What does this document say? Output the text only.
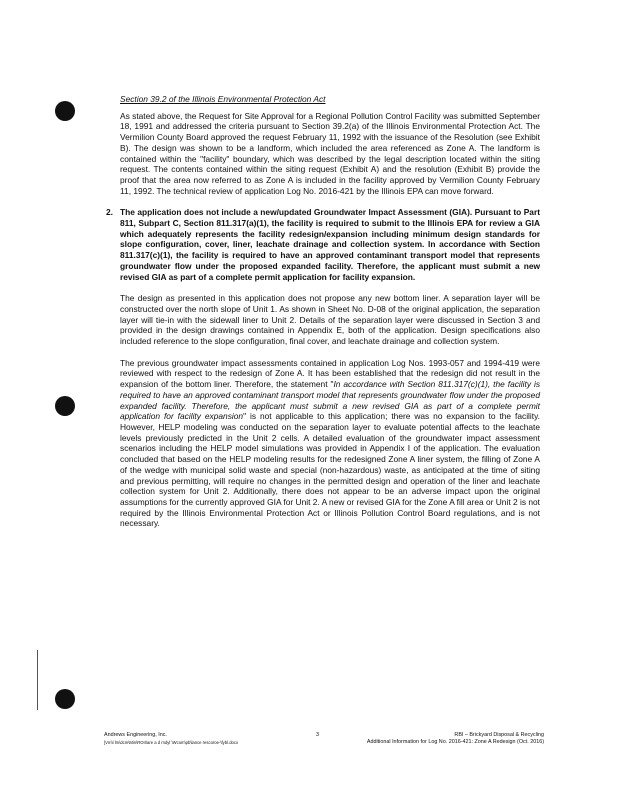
Section 39.2 of the Illinois Environmental Protection Act

As stated above, the Request for Site Approval for a Regional Pollution Control Facility was submitted September 18, 1991 and addressed the criteria pursuant to Section 39.2(a) of the Illinois Environmental Protection Act. The Vermilion County Board approved the request February 11, 1992 with the issuance of the Resolution (see Exhibit B). The design was shown to be a landform, which included the area referenced as Zone A. The landform is contained within the "facility" boundary, which was described by the legal description located within the siting request. The contents contained within the siting request (Exhibit A) and the resolution (Exhibit B) provide the proof that the area now referred to as Zone A is included in the facility approved by Vermilion County February 11, 1992. The technical review of application Log No. 2016-421 by the Illinois EPA can move forward.

2. The application does not include a new/updated Groundwater Impact Assessment (GIA). Pursuant to Part 811, Subpart C, Section 811.317(a)(1), the facility is required to submit to the Illinois EPA for review a GIA which adequately represents the facility redesign/expansion including minimum design standards for slope configuration, cover, liner, leachate drainage and collection system. In accordance with Section 811.317(c)(1), the facility is required to have an approved contaminant transport model that represents groundwater flow under the proposed expanded facility. Therefore, the applicant must submit a new revised GIA as part of a complete permit application for facility expansion.

The design as presented in this application does not propose any new bottom liner. A separation layer will be constructed over the north slope of Unit 1. As shown in Sheet No. D-08 of the original application, the separation layer will tie-in with the sidewall liner to Unit 2. Details of the separation layer were discussed in Section 3 and provided in the design drawings contained in Appendix E, both of the application. Design specifications also included reference to the slope configuration, final cover, and leachate drainage and collection system.

The previous groundwater impact assessments contained in application Log Nos. 1993-057 and 1994-419 were reviewed with respect to the redesign of Zone A. It has been established that the redesign did not result in the expansion of the bottom liner. Therefore, the statement "In accordance with Section 811.317(c)(1), the facility is required to have an approved contaminant transport model that represents groundwater flow under the proposed expanded facility. Therefore, the applicant must submit a new revised GIA as part of a complete permit application for facility expansion" is not applicable to this application; there was no expansion to the facility. However, HELP modeling was conducted on the separation layer to evaluate potential affects to the leachate levels previously predicted in the Unit 2 cells. A detailed evaluation of the groundwater impact assessment scenarios including the HELP model simulations was provided in Appendix I of the application. The evaluation concluded that based on the HELP modeling results for the redesigned Zone A liner system, the filling of Zone A of the wedge with municipal solid waste and special (non-hazardous) waste, as anticipated at the time of siting and previous permitting, will require no changes in the permitted design and operation of the liner and leachate collection system for Unit 2. Additionally, there does not appear to be an adverse impact upon the original assumptions for the currently approved GIA for Unit 2. A new or revised GIA for the Zone A fill area or Unit 2 is not required by the Illinois Environmental Protection Act or Illinois Pollution Control Board regulations, and is not necessary.

Andrews Engineering, Inc.
[Vm\l lm\dcm\Min\ROII\are a d rndyl \Wcom\pb\lance rescoroe-\fybl.docx
3	RBI – Brickyard Disposal & Recycling
Additional Information for Log No. 2016-421: Zone A Redesign (Oct. 2016)
